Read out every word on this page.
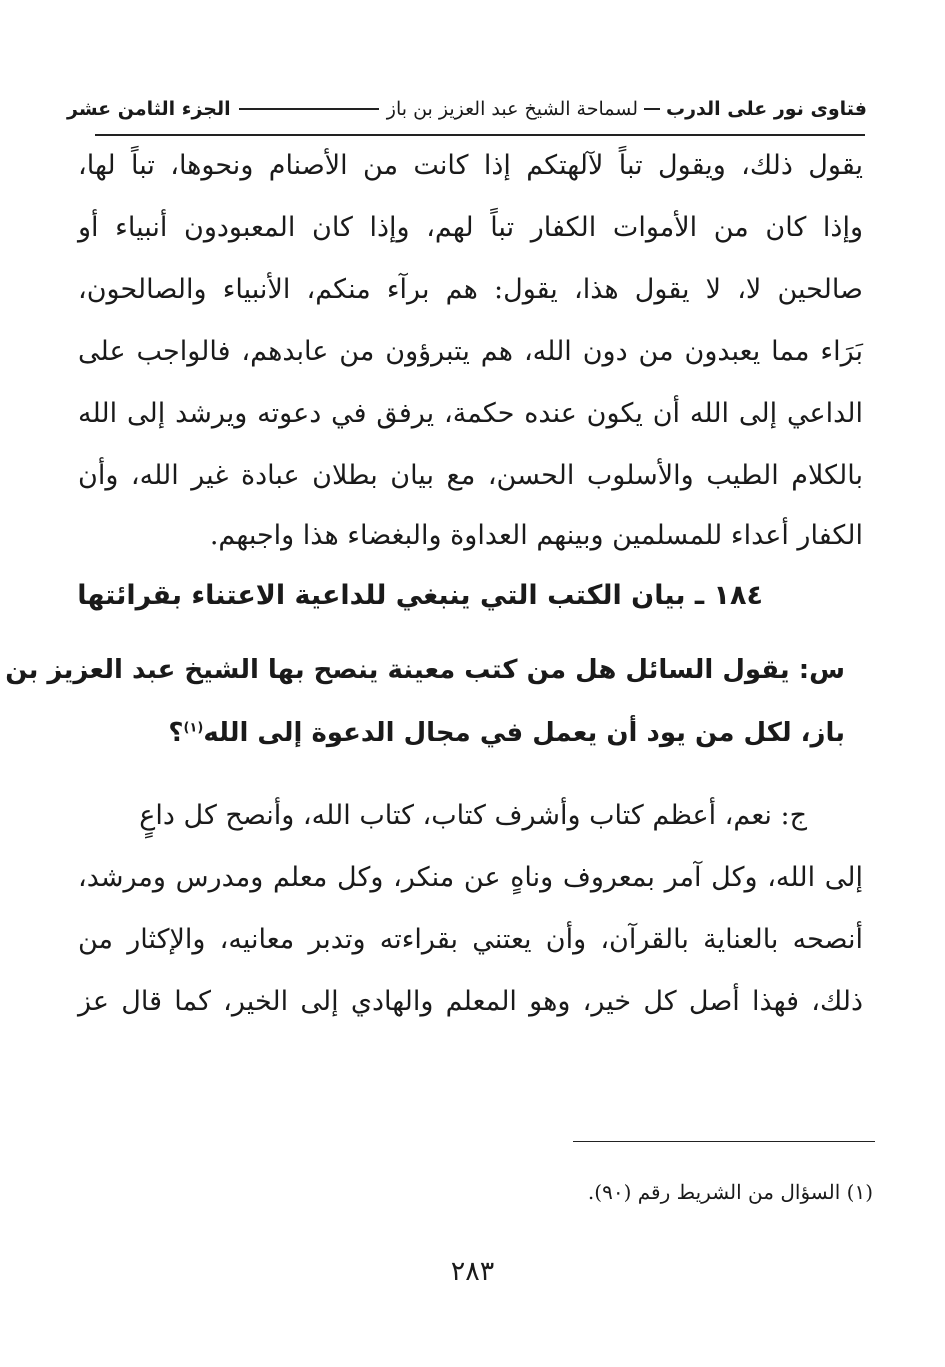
فتاوى نور على الدرب
لسماحة الشيخ عبد العزيز بن باز
الجزء الثامن عشر
يقول ذلك، ويقول تباً لآلهتكم إذا كانت من الأصنام ونحوها، تباً لها،
وإذا كان من الأموات الكفار تباً لهم، وإذا كان المعبودون أنبياء أو
صالحين لا، لا يقول هذا، يقول: هم برآء منكم، الأنبياء والصالحون،
بَرَاء مما يعبدون من دون الله، هم يتبرؤون من عابدهم، فالواجب على
الداعي إلى الله أن يكون عنده حكمة، يرفق في دعوته ويرشد إلى الله
بالكلام الطيب والأسلوب الحسن، مع بيان بطلان عبادة غير الله، وأن
الكفار أعداء للمسلمين وبينهم العداوة والبغضاء هذا واجبهم.
١٨٤ ـ بيان الكتب التي ينبغي للداعية الاعتناء بقرائتها
س: يقول السائل هل من كتب معينة ينصح بها الشيخ عبد العزيز بن
باز، لكل من يود أن يعمل في مجال الدعوة إلى الله$^{(١)}$؟
ج: نعم، أعظم كتاب وأشرف كتاب، كتاب الله، وأنصح كل داعٍ
إلى الله، وكل آمر بمعروف وناهٍ عن منكر، وكل معلم ومدرس ومرشد،
أنصحه بالعناية بالقرآن، وأن يعتني بقراءته وتدبر معانيه، والإكثار من
ذلك، فهذا أصل كل خير، وهو المعلم والهادي إلى الخير، كما قال عز
(١) السؤال من الشريط رقم (٩٠).
٢٨٣
